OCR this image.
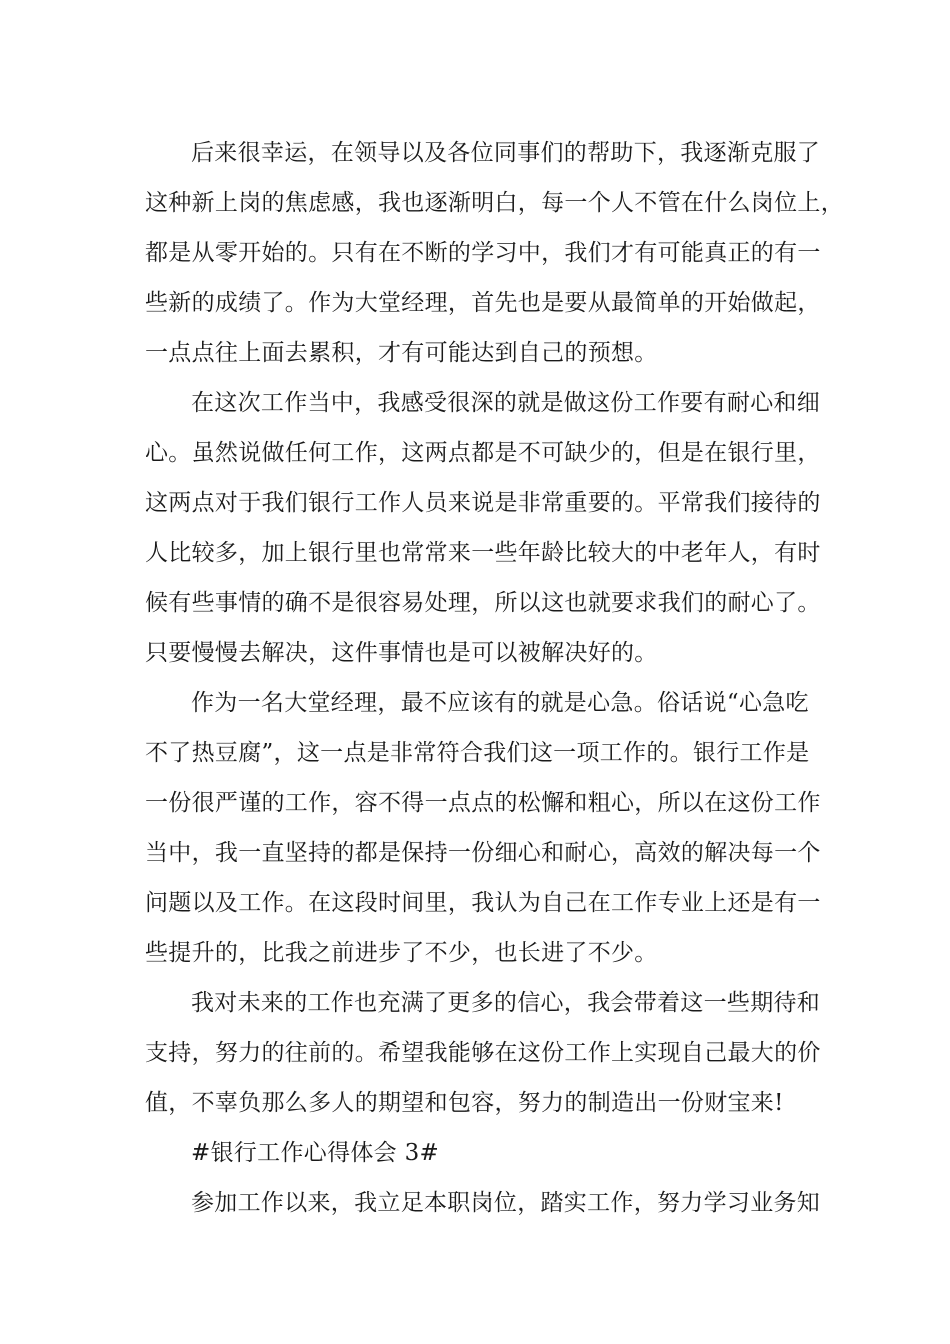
后来很幸运，在领导以及各位同事们的帮助下，我逐渐克服了
这种新上岗的焦虑感，我也逐渐明白，每一个人不管在什么岗位上，
都是从零开始的。只有在不断的学习中，我们才有可能真正的有一
些新的成绩了。作为大堂经理，首先也是要从最简单的开始做起，
一点点往上面去累积，才有可能达到自己的预想。
在这次工作当中，我感受很深的就是做这份工作要有耐心和细
心。虽然说做任何工作，这两点都是不可缺少的，但是在银行里，
这两点对于我们银行工作人员来说是非常重要的。平常我们接待的
人比较多，加上银行里也常常来一些年龄比较大的中老年人，有时
候有些事情的确不是很容易处理，所以这也就要求我们的耐心了。
只要慢慢去解决，这件事情也是可以被解决好的。
作为一名大堂经理，最不应该有的就是心急。俗话说“心急吃
不了热豆腐”，这一点是非常符合我们这一项工作的。银行工作是
一份很严谨的工作，容不得一点点的松懈和粗心，所以在这份工作
当中，我一直坚持的都是保持一份细心和耐心，高效的解决每一个
问题以及工作。在这段时间里，我认为自己在工作专业上还是有一
些提升的，比我之前进步了不少，也长进了不少。
我对未来的工作也充满了更多的信心，我会带着这一些期待和
支持，努力的往前的。希望我能够在这份工作上实现自己最大的价
值，不辜负那么多人的期望和包容，努力的制造出一份财宝来!
#银行工作心得体会 3#
参加工作以来，我立足本职岗位，踏实工作，努力学习业务知
